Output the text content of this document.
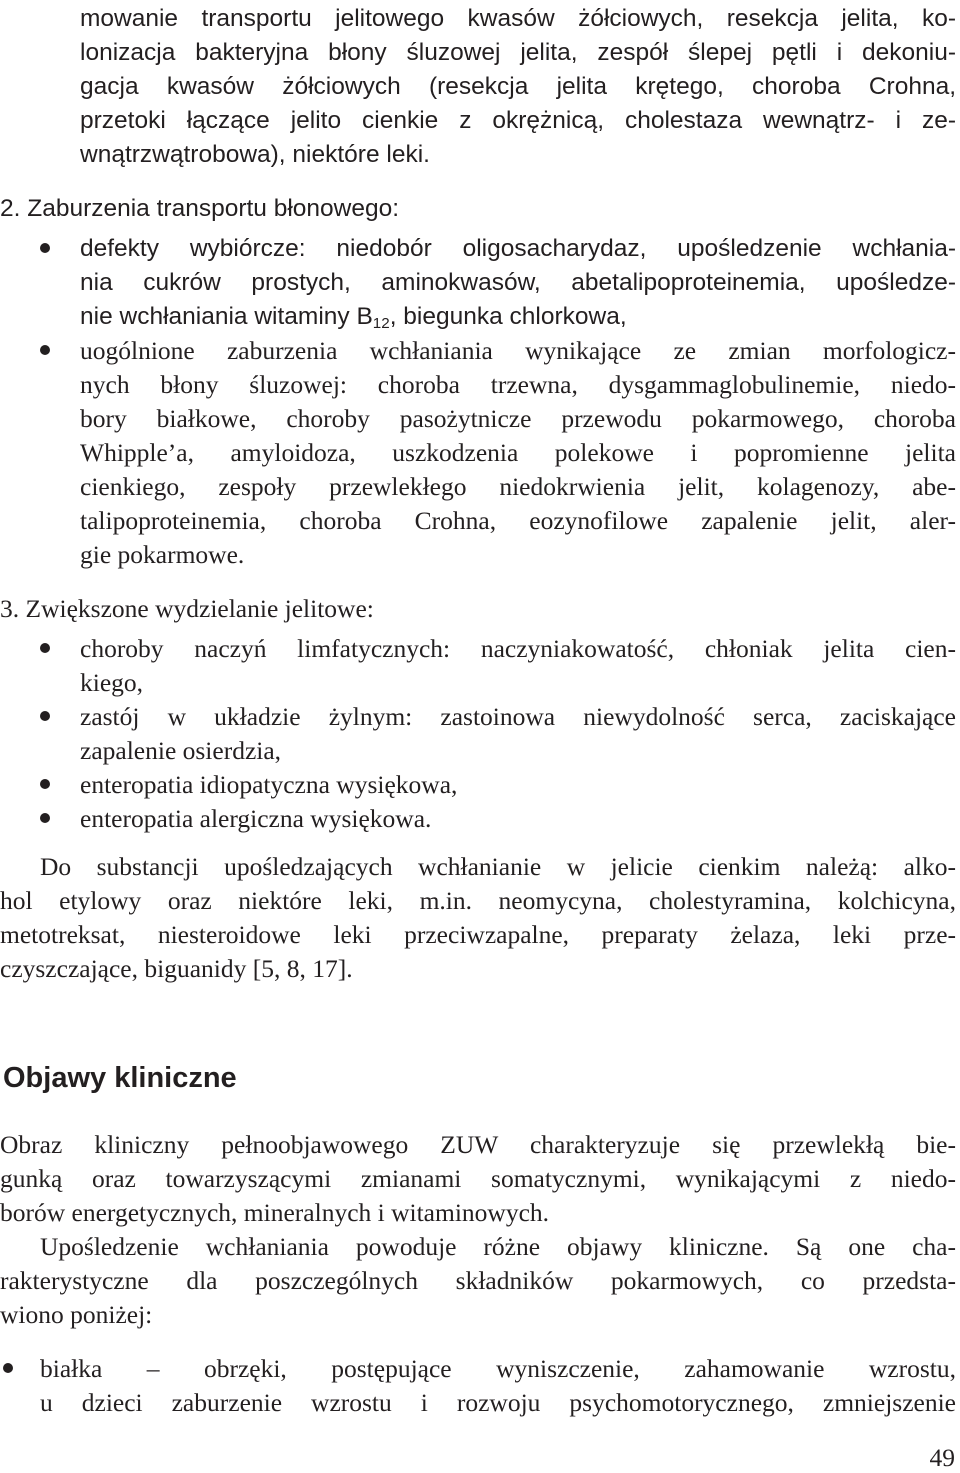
mowanie transportu jelitowego kwasów żółciowych, resekcja jelita, ko-
lonizacja bakteryjna błony śluzowej jelita, zespół ślepej pętli i dekoniu-
gacja kwasów żółciowych (resekcja jelita krętego, choroba Crohna,
przetoki łączące jelito cienkie z okrężnicą, cholestaza wewnątrz- i ze-
wnątrzwątrobowa), niektóre leki.

2. Zaburzenia transportu błonowego:

defekty wybiórcze: niedobór oligosacharydaz, upośledzenie wchłania-
nia cukrów prostych, aminokwasów, abetalipoproteinemia, upośledze-
nie wchłaniania witaminy $B_{12}$, biegunka chlorkowa,
uogólnione zaburzenia wchłaniania wynikające ze zmian morfologicz-
nych błony śluzowej: choroba trzewna, dysgammaglobulinemie, niedo-
bory białkowe, choroby pasożytnicze przewodu pokarmowego, choroba
Whipple’a, amyloidoza, uszkodzenia polekowe i popromienne jelita
cienkiego, zespoły przewlekłego niedokrwienia jelit, kolagenozy, abe-
talipoproteinemia, choroba Crohna, eozynofilowe zapalenie jelit, aler-
gie pokarmowe.
3. Zwiększone wydzielanie jelitowe:
choroby naczyń limfatycznych: naczyniakowatość, chłoniak jelita cien-
kiego,
zastój w układzie żylnym: zastoinowa niewydolność serca, zaciskające
zapalenie osierdzia,
enteropatia idiopatyczna wysiękowa,
enteropatia alergiczna wysiękowa.
Do substancji upośledzających wchłanianie w jelicie cienkim należą: alko-
hol etylowy oraz niektóre leki, m.in. neomycyna, cholestyramina, kolchicyna,
metotreksat, niesteroidowe leki przeciwzapalne, preparaty żelaza, leki prze-
czyszczające, biguanidy [5, 8, 17].
Objawy kliniczne
Obraz kliniczny pełnoobjawowego ZUW charakteryzuje się przewlekłą bie-
gunką oraz towarzyszącymi zmianami somatycznymi, wynikającymi z niedo-
borów energetycznych, mineralnych i witaminowych.
Upośledzenie wchłaniania powoduje różne objawy kliniczne. Są one cha-
rakterystyczne dla poszczególnych składników pokarmowych, co przedsta-
wiono poniżej:
białka – obrzęki, postępujące wyniszczenie, zahamowanie wzrostu,
u dzieci zaburzenie wzrostu i rozwoju psychomotorycznego, zmniejszenie
49
